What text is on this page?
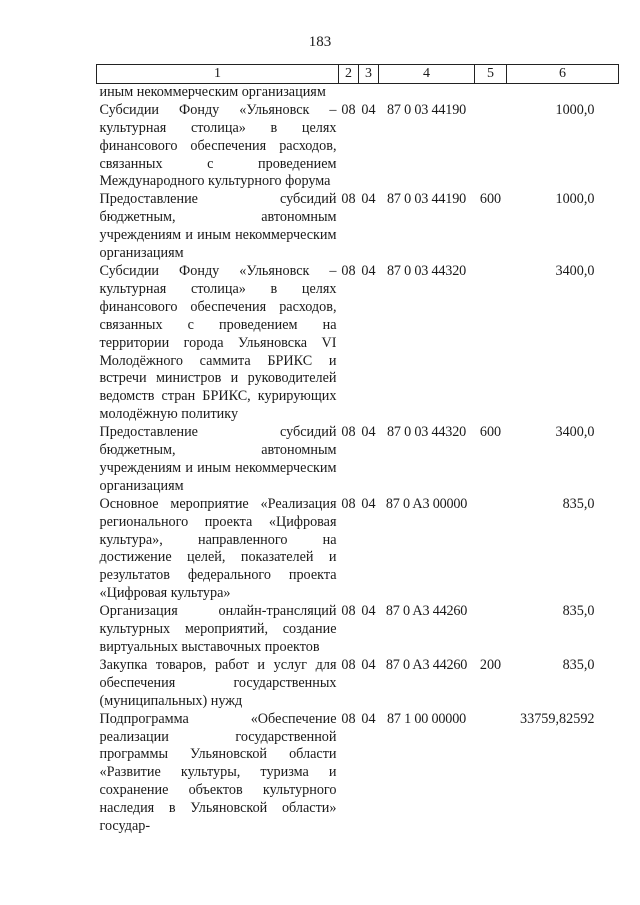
183
1	2	3	4	5	6
иным некоммерческим организациям					
Субсидии Фонду «Ульяновск – культурная столица» в целях финансового обеспечения расходов, связанных с проведением Международного культурного форума	08	04	87 0 03 44190		1000,0
Предоставление субсидий бюджетным, автономным учреждениям и иным некоммерческим организациям	08	04	87 0 03 44190	600	1000,0
Субсидии Фонду «Ульяновск – культурная столица» в целях финансового обеспечения расходов, связанных с проведением на территории города Ульяновска VI Молодёжного саммита БРИКС и встречи министров и руководителей ведомств стран БРИКС, курирующих молодёжную политику	08	04	87 0 03 44320		3400,0
Предоставление субсидий бюджетным, автономным учреждениям и иным некоммерческим организациям	08	04	87 0 03 44320	600	3400,0
Основное мероприятие «Реализация регионального проекта «Цифровая культура», направленного на достижение целей, показателей и результатов федерального проекта «Цифровая культура»	08	04	87 0 A3 00000		835,0
Организация онлайн-трансляций культурных мероприятий, создание виртуальных выставочных проектов	08	04	87 0 A3 44260		835,0
Закупка товаров, работ и услуг для обеспечения государственных (муниципальных) нужд	08	04	87 0 A3 44260	200	835,0
Подпрограмма «Обеспечение реализации государственной программы Ульяновской области «Развитие культуры, туризма и сохранение объектов культурного наследия в Ульяновской области» государ-	08	04	87 1 00 00000		33759,82592
